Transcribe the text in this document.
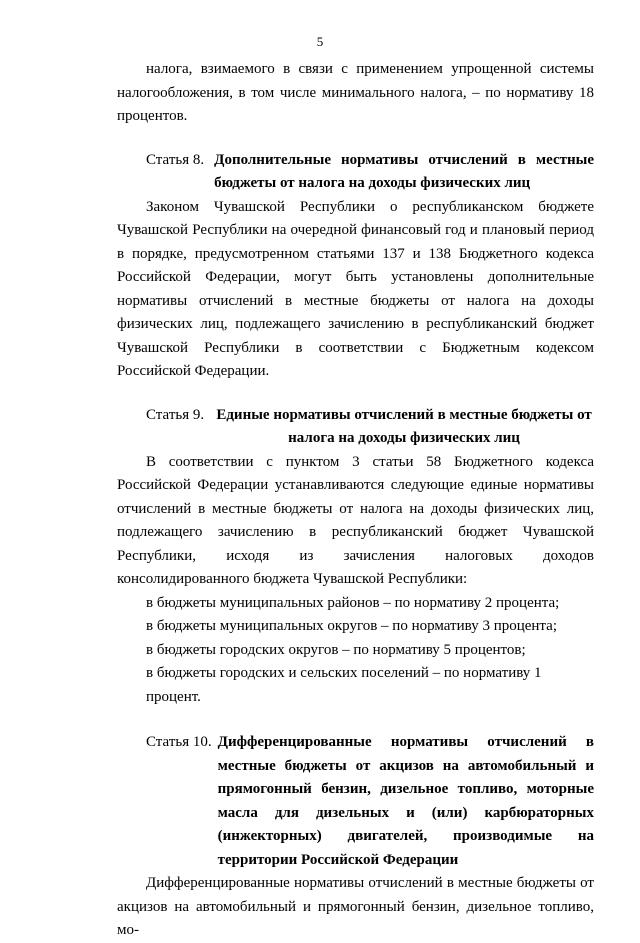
5

налога, взимаемого в связи с применением упрощенной системы налогообложения, в том числе минимального налога, – по нормативу 18 процентов.

Статья 8. Дополнительные нормативы отчислений в местные бюджеты от налога на доходы физических лиц

Законом Чувашской Республики о республиканском бюджете Чувашской Республики на очередной финансовый год и плановый период в порядке, предусмотренном статьями 137 и 138 Бюджетного кодекса Российской Федерации, могут быть установлены дополнительные нормативы отчислений в местные бюджеты от налога на доходы физических лиц, подлежащего зачислению в республиканский бюджет Чувашской Республики в соответствии с Бюджетным кодексом Российской Федерации.

Статья 9. Единые нормативы отчислений в местные бюджеты от налога на доходы физических лиц

В соответствии с пунктом 3 статьи 58 Бюджетного кодекса Российской Федерации устанавливаются следующие единые нормативы отчислений в местные бюджеты от налога на доходы физических лиц, подлежащего зачислению в республиканский бюджет Чувашской Республики, исходя из зачисления налоговых доходов консолидированного бюджета Чувашской Республики:

в бюджеты муниципальных районов – по нормативу 2 процента;

в бюджеты муниципальных округов – по нормативу 3 процента;

в бюджеты городских округов – по нормативу 5 процентов;

в бюджеты городских и сельских поселений – по нормативу 1 процент.

Статья 10. Дифференцированные нормативы отчислений в местные бюджеты от акцизов на автомобильный и прямогонный бензин, дизельное топливо, моторные масла для дизельных и (или) карбюраторных (инжекторных) двигателей, производимые на территории Российской Федерации

Дифференцированные нормативы отчислений в местные бюджеты от акцизов на автомобильный и прямогонный бензин, дизельное топливо, мо-
